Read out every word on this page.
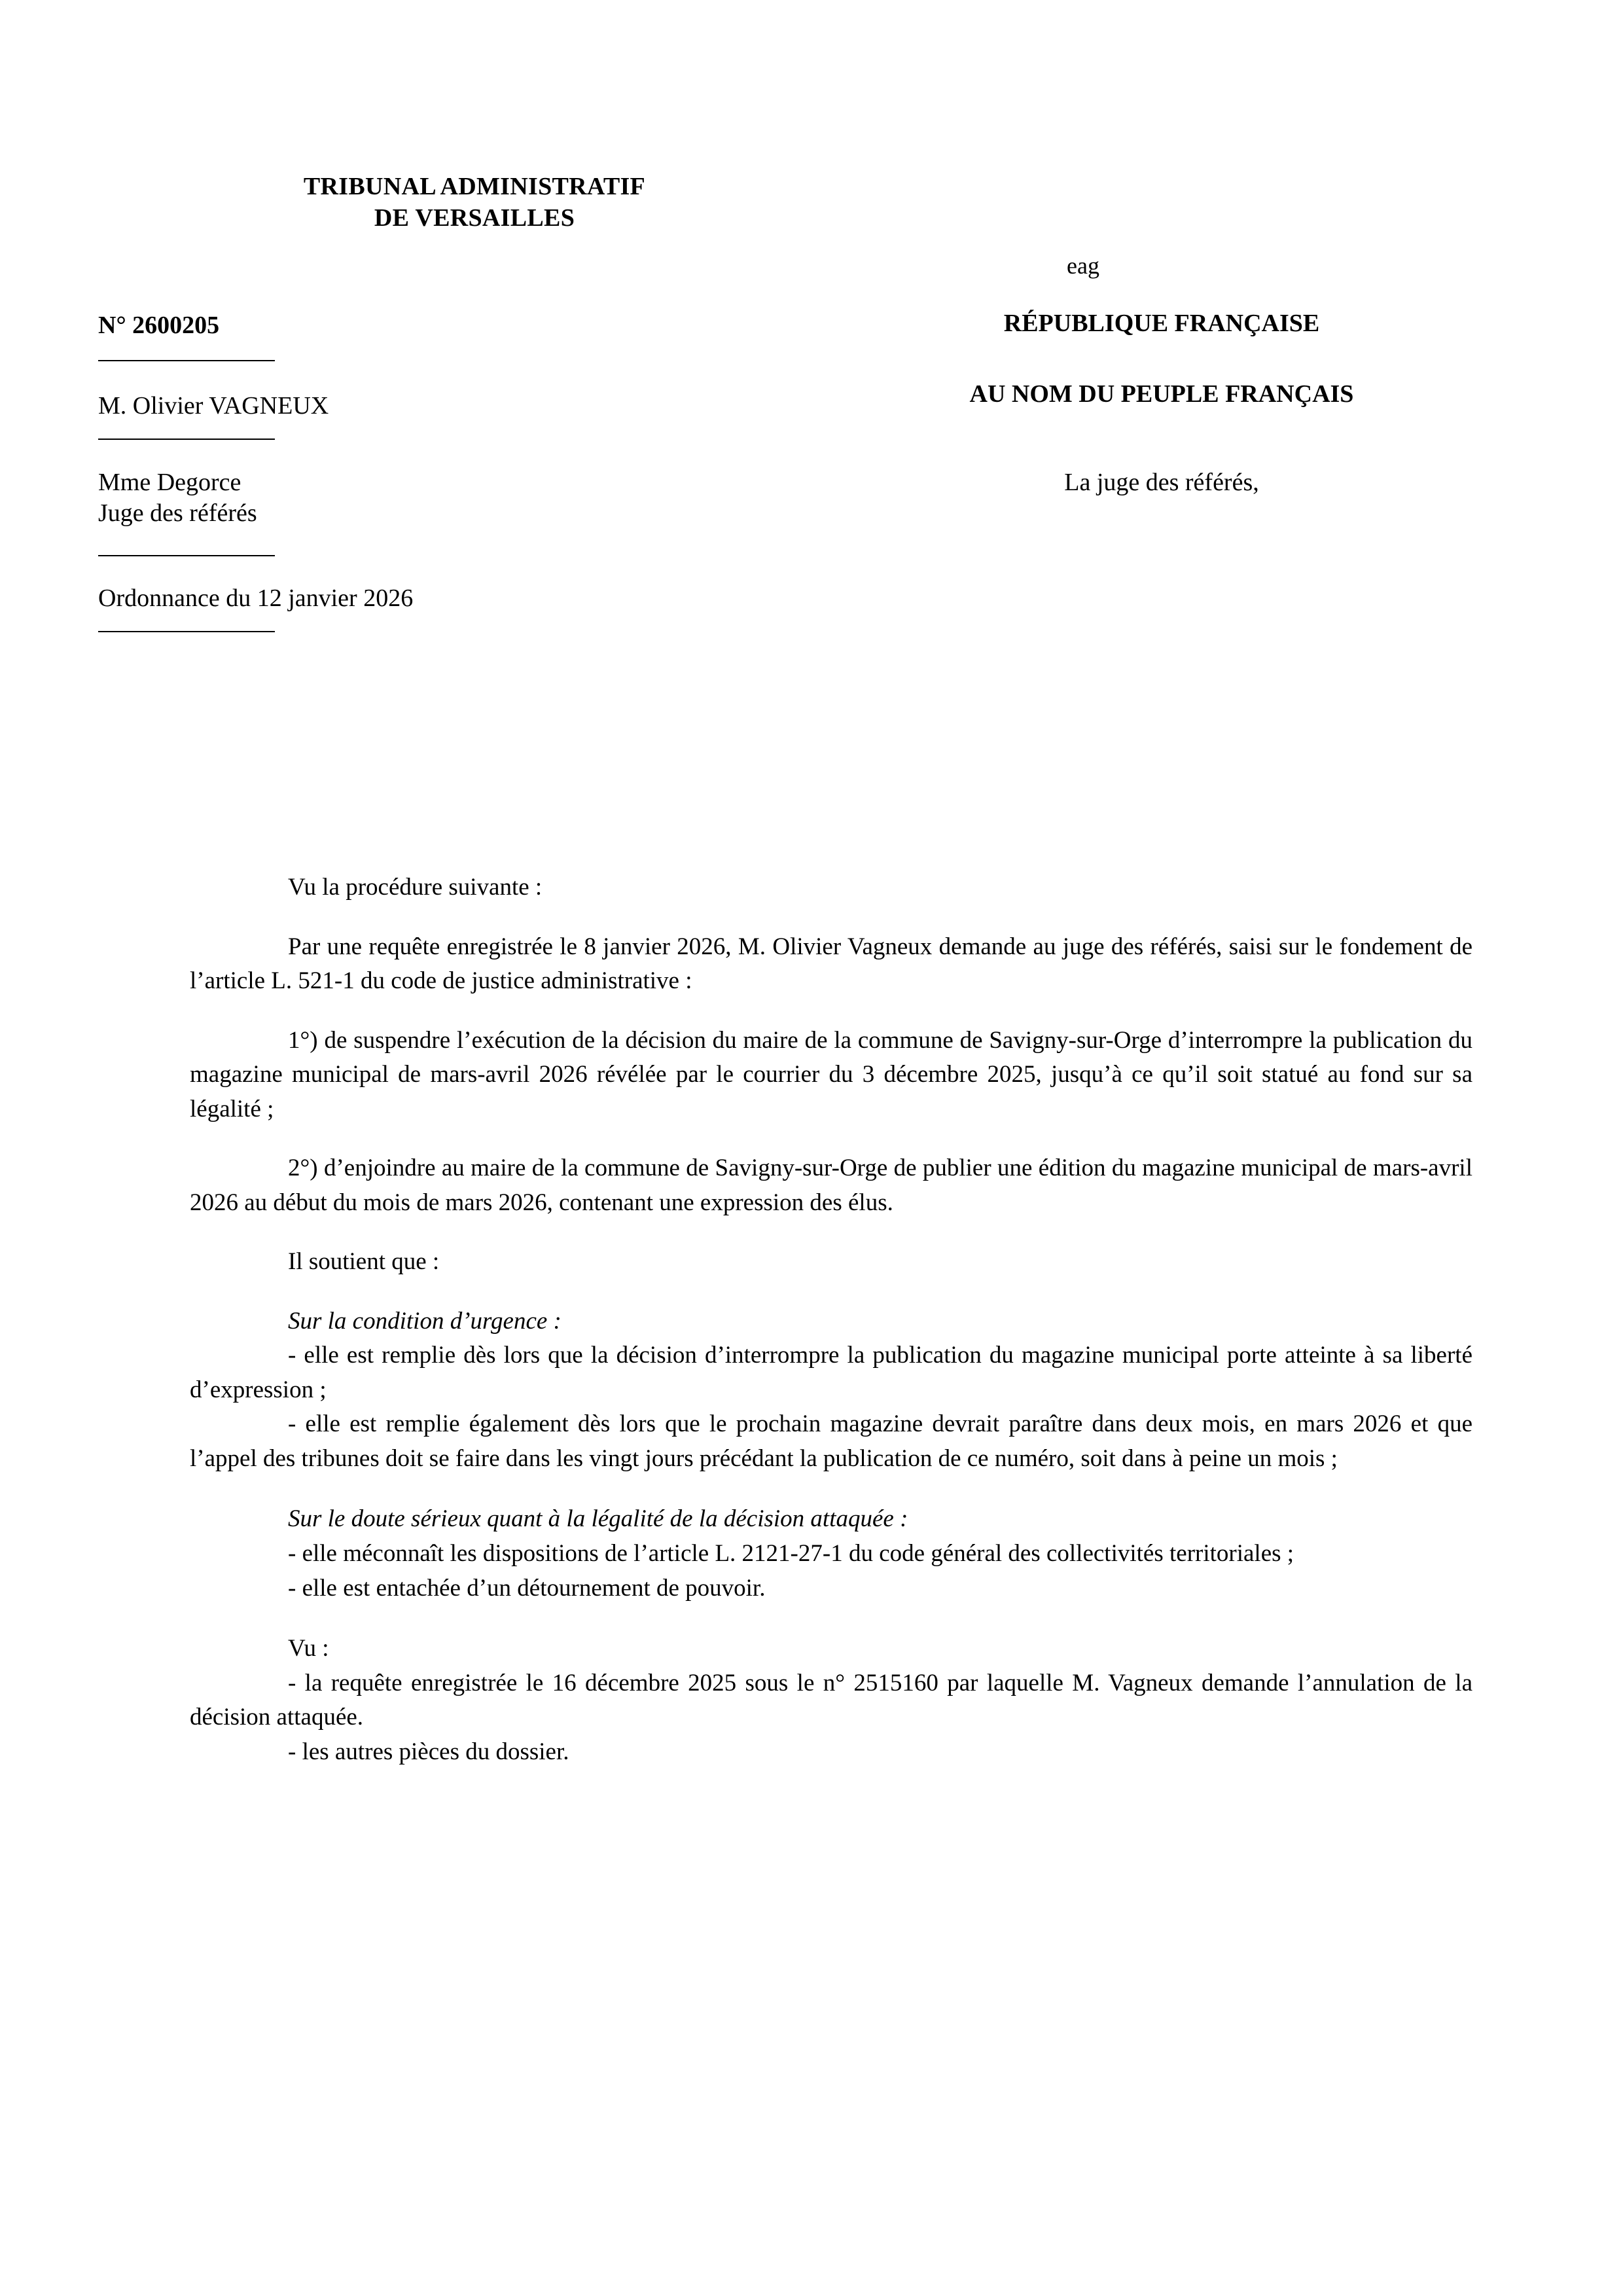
TRIBUNAL ADMINISTRATIF
DE VERSAILLES
eag
N° 2600205
M. Olivier VAGNEUX
Mme Degorce
Juge des référés
Ordonnance du 12 janvier 2026
RÉPUBLIQUE FRANÇAISE
AU NOM DU PEUPLE FRANÇAIS
La juge des référés,

Vu la procédure suivante :

Par une requête enregistrée le 8 janvier 2026, M. Olivier Vagneux demande au juge des référés, saisi sur le fondement de l’article L. 521-1 du code de justice administrative :

1°) de suspendre l’exécution de la décision du maire de la commune de Savigny-sur-Orge d’interrompre la publication du magazine municipal de mars-avril 2026 révélée par le courrier du 3 décembre 2025, jusqu’à ce qu’il soit statué au fond sur sa légalité ;

2°) d’enjoindre au maire de la commune de Savigny-sur-Orge de publier une édition du magazine municipal de mars-avril 2026 au début du mois de mars 2026, contenant une expression des élus.

Il soutient que :

Sur la condition d’urgence :

- elle est remplie dès lors que la décision d’interrompre la publication du magazine municipal porte atteinte à sa liberté d’expression ;

- elle est remplie également dès lors que le prochain magazine devrait paraître dans deux mois, en mars 2026 et que l’appel des tribunes doit se faire dans les vingt jours précédant la publication de ce numéro, soit dans à peine un mois ;

Sur le doute sérieux quant à la légalité de la décision attaquée :

- elle méconnaît les dispositions de l’article L. 2121-27-1 du code général des collectivités territoriales ;

- elle est entachée d’un détournement de pouvoir.

Vu :

- la requête enregistrée le 16 décembre 2025 sous le n° 2515160 par laquelle M. Vagneux demande l’annulation de la décision attaquée.

- les autres pièces du dossier.
